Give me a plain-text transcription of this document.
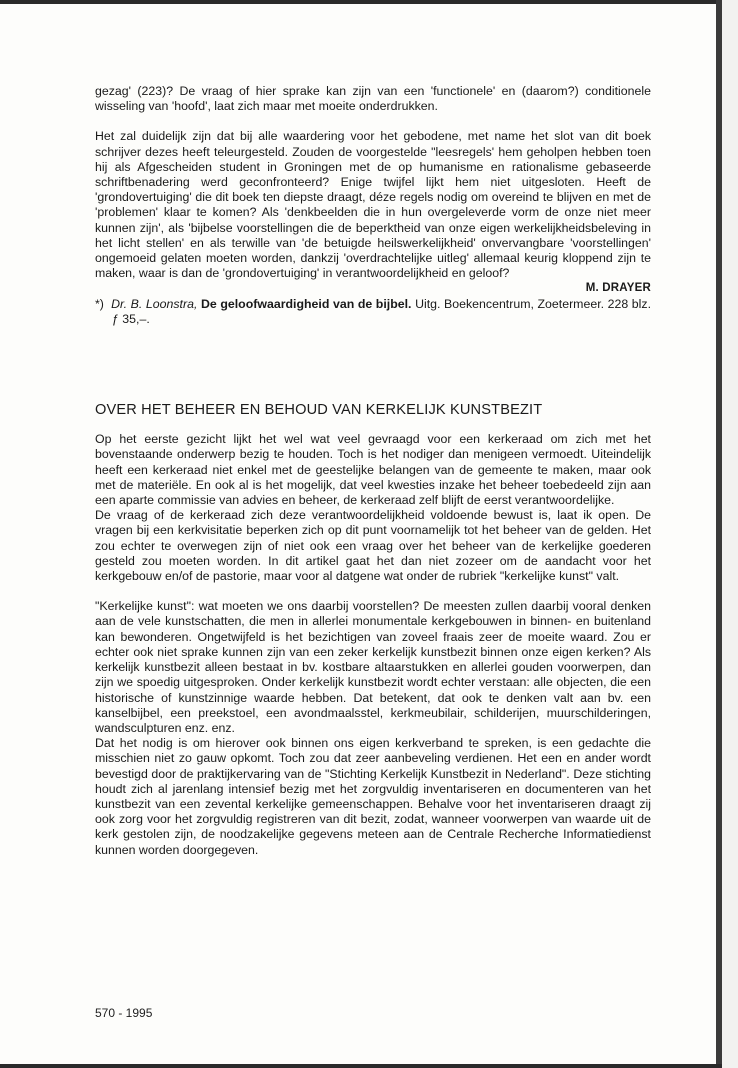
gezag' (223)? De vraag of hier sprake kan zijn van een 'functionele' en (daarom?) conditionele wisseling van 'hoofd', laat zich maar met moeite onderdrukken.

Het zal duidelijk zijn dat bij alle waardering voor het gebodene, met name het slot van dit boek schrijver dezes heeft teleurgesteld. Zouden de voorgestelde "leesregels' hem geholpen hebben toen hij als Afgescheiden student in Groningen met de op humanisme en rationalisme gebaseerde schriftbenadering werd geconfronteerd? Enige twijfel lijkt hem niet uitgesloten. Heeft de 'grondovertuiging' die dit boek ten diepste draagt, déze regels nodig om overeind te blijven en met de 'problemen' klaar te komen? Als 'denkbeelden die in hun overgeleverde vorm de onze niet meer kunnen zijn', als 'bijbelse voorstellingen die de beperktheid van onze eigen werkelijkheidsbeleving in het licht stellen' en als terwille van 'de betuigde heilswerkelijkheid' onvervangbare 'voorstellingen' ongemoeid gelaten moeten worden, dankzij 'overdrachtelijke uitleg' allemaal keurig kloppend zijn te maken, waar is dan de 'grondovertuiging' in verantwoordelijkheid en geloof?

M. DRAYER

*) Dr. B. Loonstra, De geloofwaardigheid van de bijbel. Uitg. Boekencentrum, Zoetermeer. 228 blz. ƒ 35,–.

OVER HET BEHEER EN BEHOUD VAN KERKELIJK KUNSTBEZIT

Op het eerste gezicht lijkt het wel wat veel gevraagd voor een kerkeraad om zich met het bovenstaande onderwerp bezig te houden. Toch is het nodiger dan menigeen vermoedt. Uiteindelijk heeft een kerkeraad niet enkel met de geestelijke belangen van de gemeente te maken, maar ook met de materiële. En ook al is het mogelijk, dat veel kwesties inzake het beheer toebedeeld zijn aan een aparte commissie van advies en beheer, de kerkeraad zelf blijft de eerst verantwoordelijke.

De vraag of de kerkeraad zich deze verantwoordelijkheid voldoende bewust is, laat ik open. De vragen bij een kerkvisitatie beperken zich op dit punt voornamelijk tot het beheer van de gelden. Het zou echter te overwegen zijn of niet ook een vraag over het beheer van de kerkelijke goederen gesteld zou moeten worden. In dit artikel gaat het dan niet zozeer om de aandacht voor het kerkgebouw en/of de pastorie, maar voor al datgene wat onder de rubriek "kerkelijke kunst" valt.

"Kerkelijke kunst": wat moeten we ons daarbij voorstellen? De meesten zullen daarbij vooral denken aan de vele kunstschatten, die men in allerlei monumentale kerkgebouwen in binnen- en buitenland kan bewonderen. Ongetwijfeld is het bezichtigen van zoveel fraais zeer de moeite waard. Zou er echter ook niet sprake kunnen zijn van een zeker kerkelijk kunstbezit binnen onze eigen kerken? Als kerkelijk kunstbezit alleen bestaat in bv. kostbare altaarstukken en allerlei gouden voorwerpen, dan zijn we spoedig uitgesproken. Onder kerkelijk kunstbezit wordt echter verstaan: alle objecten, die een historische of kunstzinnige waarde hebben. Dat betekent, dat ook te denken valt aan bv. een kanselbijbel, een preekstoel, een avondmaalsstel, kerkmeubilair, schilderijen, muurschilderingen, wandsculpturen enz. enz.

Dat het nodig is om hierover ook binnen ons eigen kerkverband te spreken, is een gedachte die misschien niet zo gauw opkomt. Toch zou dat zeer aanbeveling verdienen. Het een en ander wordt bevestigd door de praktijkervaring van de "Stichting Kerkelijk Kunstbezit in Nederland". Deze stichting houdt zich al jarenlang intensief bezig met het zorgvuldig inventariseren en documenteren van het kunstbezit van een zevental kerkelijke gemeenschappen. Behalve voor het inventariseren draagt zij ook zorg voor het zorgvuldig registreren van dit bezit, zodat, wanneer voorwerpen van waarde uit de kerk gestolen zijn, de noodzakelijke gegevens meteen aan de Centrale Recherche Informatiedienst kunnen worden doorgegeven.

570 - 1995
